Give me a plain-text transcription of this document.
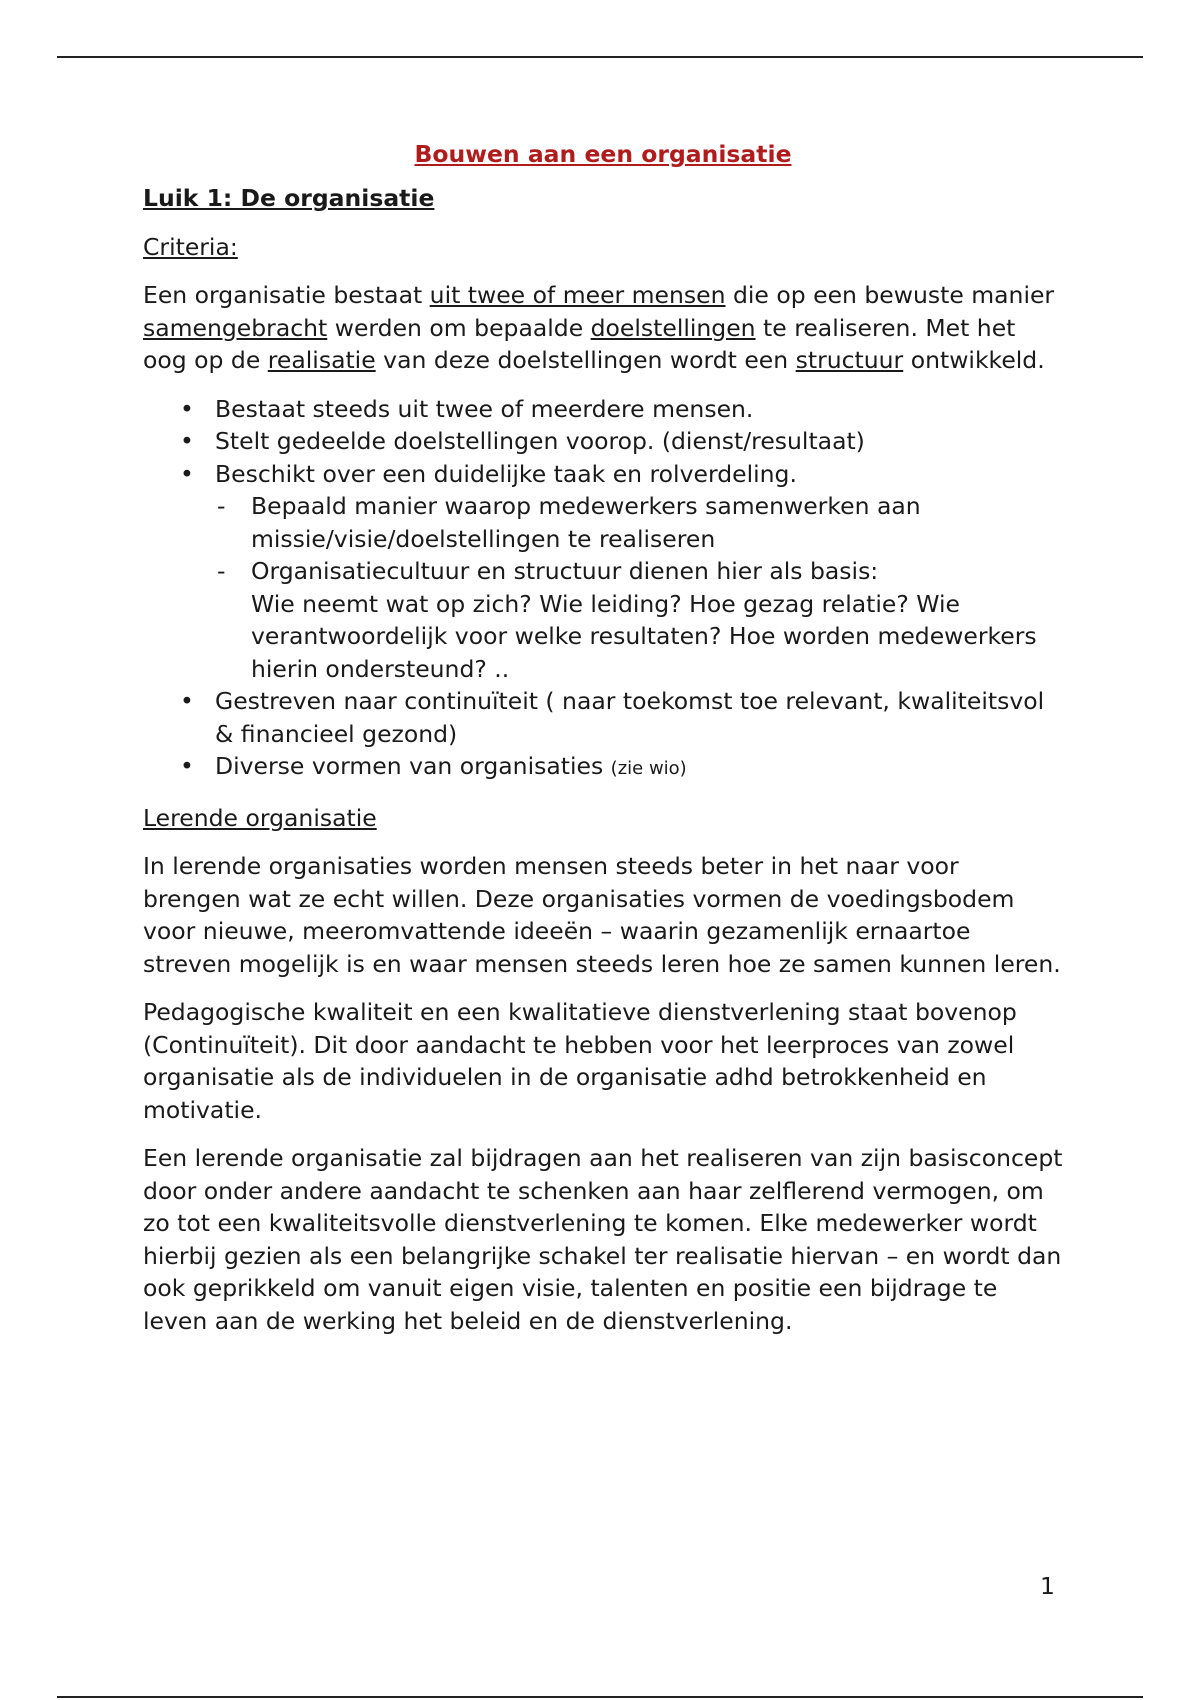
Bouwen aan een organisatie
Luik 1: De organisatie
Criteria:

Een organisatie bestaat uit twee of meer mensen die op een bewuste manier samengebracht werden om bepaalde doelstellingen te realiseren. Met het oog op de realisatie van deze doelstellingen wordt een structuur ontwikkeld.

• Bestaat steeds uit twee of meerdere mensen.
• Stelt gedeelde doelstellingen voorop. (dienst/resultaat)
• Beschikt over een duidelijke taak en rolverdeling.
- Bepaald manier waarop medewerkers samenwerken aan missie/visie/doelstellingen te realiseren
- Organisatiecultuur en structuur dienen hier als basis:
Wie neemt wat op zich? Wie leiding? Hoe gezag relatie? Wie verantwoordelijk voor welke resultaten? Hoe worden medewerkers hierin ondersteund? ..
• Gestreven naar continuïteit ( naar toekomst toe relevant, kwaliteitsvol & financieel gezond)
• Diverse vormen van organisaties (zie wio)
Lerende organisatie

In lerende organisaties worden mensen steeds beter in het naar voor brengen wat ze echt willen. Deze organisaties vormen de voedingsbodem voor nieuwe, meeromvattende ideeën – waarin gezamenlijk ernaartoe streven mogelijk is en waar mensen steeds leren hoe ze samen kunnen leren.

Pedagogische kwaliteit en een kwalitatieve dienstverlening staat bovenop (Continuïteit). Dit door aandacht te hebben voor het leerproces van zowel organisatie als de individuelen in de organisatie adhd betrokkenheid en motivatie.

Een lerende organisatie zal bijdragen aan het realiseren van zijn basisconcept door onder andere aandacht te schenken aan haar zelflerend vermogen, om zo tot een kwaliteitsvolle dienstverlening te komen. Elke medewerker wordt hierbij gezien als een belangrijke schakel ter realisatie hiervan – en wordt dan ook geprikkeld om vanuit eigen visie, talenten en positie een bijdrage te leven aan de werking het beleid en de dienstverlening.

1
